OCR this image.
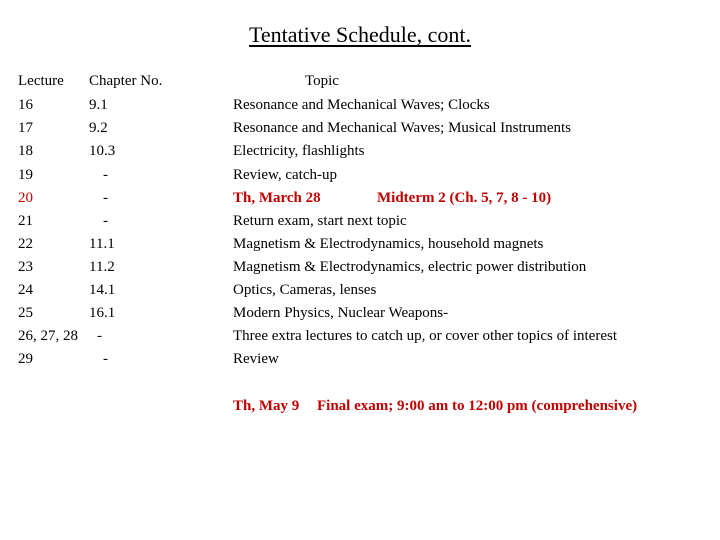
Tentative Schedule, cont.
Lecture Chapter No.	Topic
16	9.1	Resonance and Mechanical Waves; Clocks
17	9.2	Resonance and Mechanical Waves; Musical Instruments
18	10.3	Electricity, flashlights
19	-	Review, catch-up
20	-	Th, March 28	Midterm 2 (Ch. 5, 7, 8 - 10)
21	-	Return exam, start next topic
22	11.1	Magnetism & Electrodynamics, household magnets
23	11.2	Magnetism & Electrodynamics, electric power distribution
24	14.1	Optics, Cameras, lenses
25	16.1	Modern Physics, Nuclear Weapons-
26, 27, 28 -	Three extra lectures to catch up, or cover other topics of interest
29	-	Review
Th, May 9 Final exam; 9:00 am to 12:00 pm (comprehensive)
